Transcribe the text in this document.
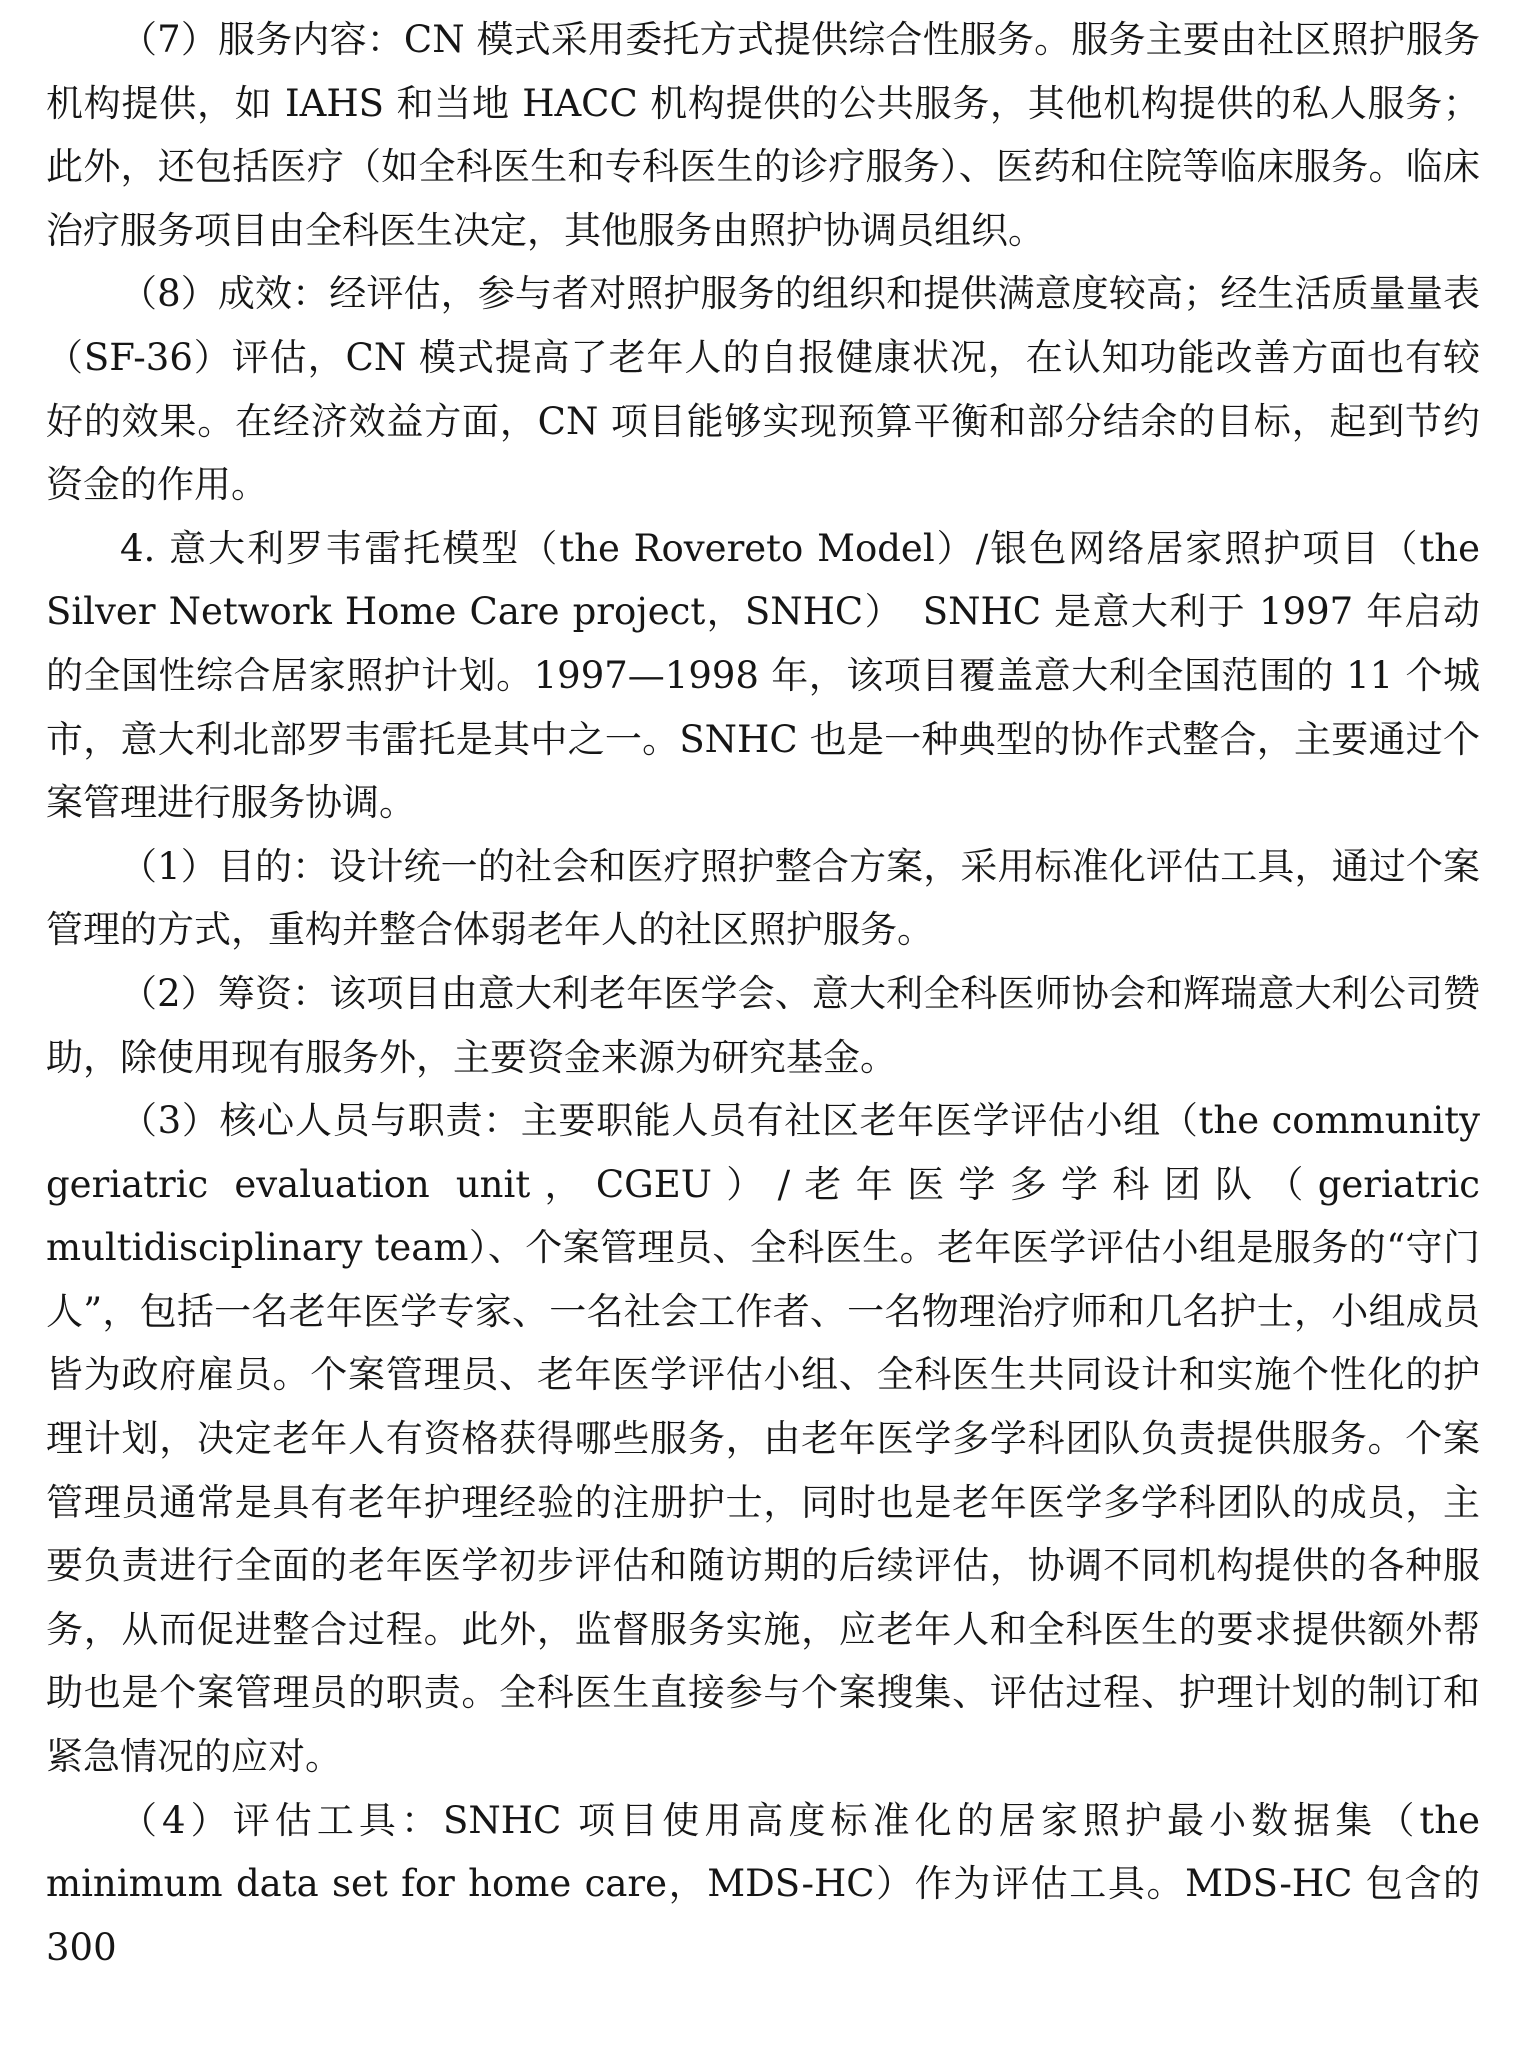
（7）服务内容：CN 模式采用委托方式提供综合性服务。服务主要由社区照护服务机构提供，如 IAHS 和当地 HACC 机构提供的公共服务，其他机构提供的私人服务；此外，还包括医疗（如全科医生和专科医生的诊疗服务）、医药和住院等临床服务。临床治疗服务项目由全科医生决定，其他服务由照护协调员组织。

（8）成效：经评估，参与者对照护服务的组织和提供满意度较高；经生活质量量表（SF-36）评估，CN 模式提高了老年人的自报健康状况，在认知功能改善方面也有较好的效果。在经济效益方面，CN 项目能够实现预算平衡和部分结余的目标，起到节约资金的作用。

4. 意大利罗韦雷托模型（the Rovereto Model）/银色网络居家照护项目（the Silver Network Home Care project，SNHC）　SNHC 是意大利于 1997 年启动的全国性综合居家照护计划。1997—1998 年，该项目覆盖意大利全国范围的 11 个城市，意大利北部罗韦雷托是其中之一。SNHC 也是一种典型的协作式整合，主要通过个案管理进行服务协调。

（1）目的：设计统一的社会和医疗照护整合方案，采用标准化评估工具，通过个案管理的方式，重构并整合体弱老年人的社区照护服务。

（2）筹资：该项目由意大利老年医学会、意大利全科医师协会和辉瑞意大利公司赞助，除使用现有服务外，主要资金来源为研究基金。

（3）核心人员与职责：主要职能人员有社区老年医学评估小组（the community geriatric evaluation unit，CGEU）/老年医学多学科团队（geriatric multidisciplinary team）、个案管理员、全科医生。老年医学评估小组是服务的“守门人”，包括一名老年医学专家、一名社会工作者、一名物理治疗师和几名护士，小组成员皆为政府雇员。个案管理员、老年医学评估小组、全科医生共同设计和实施个性化的护理计划，决定老年人有资格获得哪些服务，由老年医学多学科团队负责提供服务。个案管理员通常是具有老年护理经验的注册护士，同时也是老年医学多学科团队的成员，主要负责进行全面的老年医学初步评估和随访期的后续评估，协调不同机构提供的各种服务，从而促进整合过程。此外，监督服务实施，应老年人和全科医生的要求提供额外帮助也是个案管理员的职责。全科医生直接参与个案搜集、评估过程、护理计划的制订和紧急情况的应对。

（4）评估工具：SNHC 项目使用高度标准化的居家照护最小数据集（the minimum data set for home care，MDS-HC）作为评估工具。MDS-HC 包含的 300
